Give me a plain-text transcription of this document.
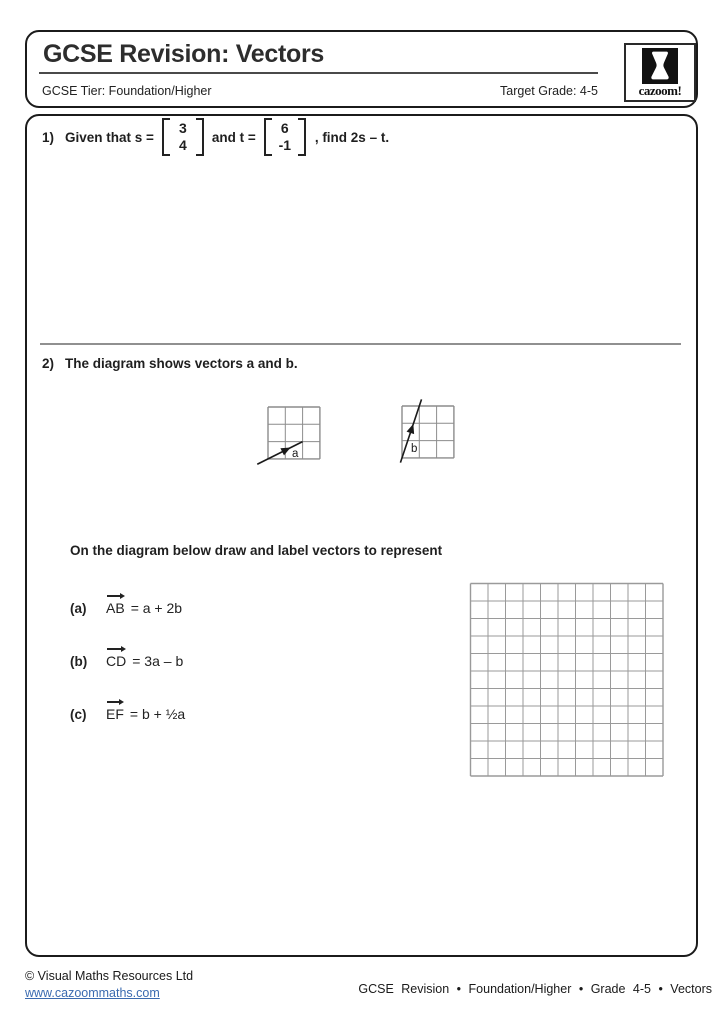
GCSE Revision: Vectors
GCSE Tier: Foundation/Higher	Target Grade: 4-5	cazoom!
1) Given that s =
3
4 and t =
6
-1 , find 2s – t.
2) The diagram shows vectors a and b.
a	b
On the diagram below draw and label vectors to represent
(a)	AB = a + 2b
(b)	CD = 3a – b
(c)	EF = b + ½a
© Visual Maths Resources Ltd
www.cazoommaths.com	GCSE Revision • Foundation/Higher • Grade 4-5 • Vectors
